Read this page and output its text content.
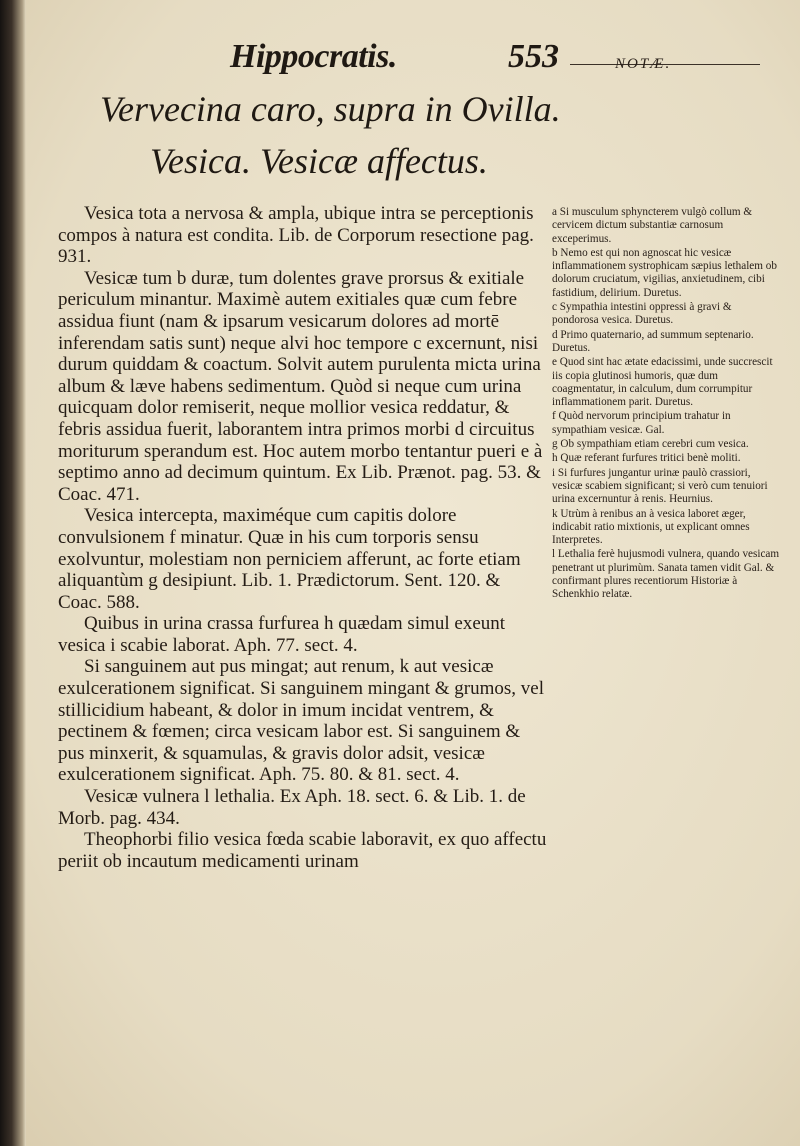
Hippocratis.	553	NOTÆ.
Vervecina caro, supra in Ovilla.
Vesica. Vesicæ affectus.

Vesica tota a nervosa & ampla, ubique intra se perceptionis compos à natura est condita. Lib. de Corporum resectione pag. 931.

Vesicæ tum b duræ, tum dolentes grave prorsus & exitiale periculum minantur. Maximè autem exitiales quæ cum febre assidua fiunt (nam & ipsarum vesicarum dolores ad mortē inferendam satis sunt) neque alvi hoc tempore c excernunt, nisi durum quiddam & coactum. Solvit autem purulenta micta urina album & læve habens sedimentum. Quòd si neque cum urina quicquam dolor remiserit, neque mollior vesica reddatur, & febris assidua fuerit, laborantem intra primos morbi d circuitus moriturum sperandum est. Hoc autem morbo tentantur pueri e à septimo anno ad decimum quintum. Ex Lib. Prænot. pag. 53. & Coac. 471.

Vesica intercepta, maximéque cum capitis dolore convulsionem f minatur. Quæ in his cum torporis sensu exolvuntur, molestiam non perniciem afferunt, ac forte etiam aliquantùm g desipiunt. Lib. 1. Prædictorum. Sent. 120. & Coac. 588.

Quibus in urina crassa furfurea h quædam simul exeunt vesica i scabie laborat. Aph. 77. sect. 4.

Si sanguinem aut pus mingat; aut renum, k aut vesicæ exulcerationem significat. Si sanguinem mingant & grumos, vel stillicidium habeant, & dolor in imum incidat ventrem, & pectinem & fœmen; circa vesicam labor est. Si sanguinem & pus minxerit, & squamulas, & gravis dolor adsit, vesicæ exulcerationem significat. Aph. 75. 80. & 81. sect. 4.

Vesicæ vulnera l lethalia. Ex Aph. 18. sect. 6. & Lib. 1. de Morb. pag. 434.

Theophorbi filio vesica fœda scabie laboravit, ex quo affectu periit ob incautum medicamenti urinam

a Si musculum sphyncterem vulgò collum & cervicem dictum substantiæ carnosum exceperimus.

b Nemo est qui non agnoscat hic vesicæ inflammationem systrophicam sæpius lethalem ob dolorum cruciatum, vigilias, anxietudinem, cibi fastidium, delirium. Duretus.

c Sympathia intestini oppressi à gravi & pondorosa vesica. Duretus.

d Primo quaternario, ad summum septenario. Duretus.

e Quod sint hac ætate edacissimi, unde succrescit iis copia glutinosi humoris, quæ dum coagmentatur, in calculum, dum corrumpitur inflammationem parit. Duretus.

f Quòd nervorum principium trahatur in sympathiam vesicæ. Gal.

g Ob sympathiam etiam cerebri cum vesica.

h Quæ referant furfures tritici benè moliti.

i Si furfures jungantur urinæ paulò crassiori, vesicæ scabiem significant; si verò cum tenuiori urina excernuntur à renis. Heurnius.

k Utrùm à renibus an à vesica laboret æger, indicabit ratio mixtionis, ut explicant omnes Interpretes.

l Lethalia ferè hujusmodi vulnera, quando vesicam penetrant ut plurimùm. Sanata tamen vidit Gal. & confirmant plures recentiorum Historiæ à Schenkhio relatæ.
